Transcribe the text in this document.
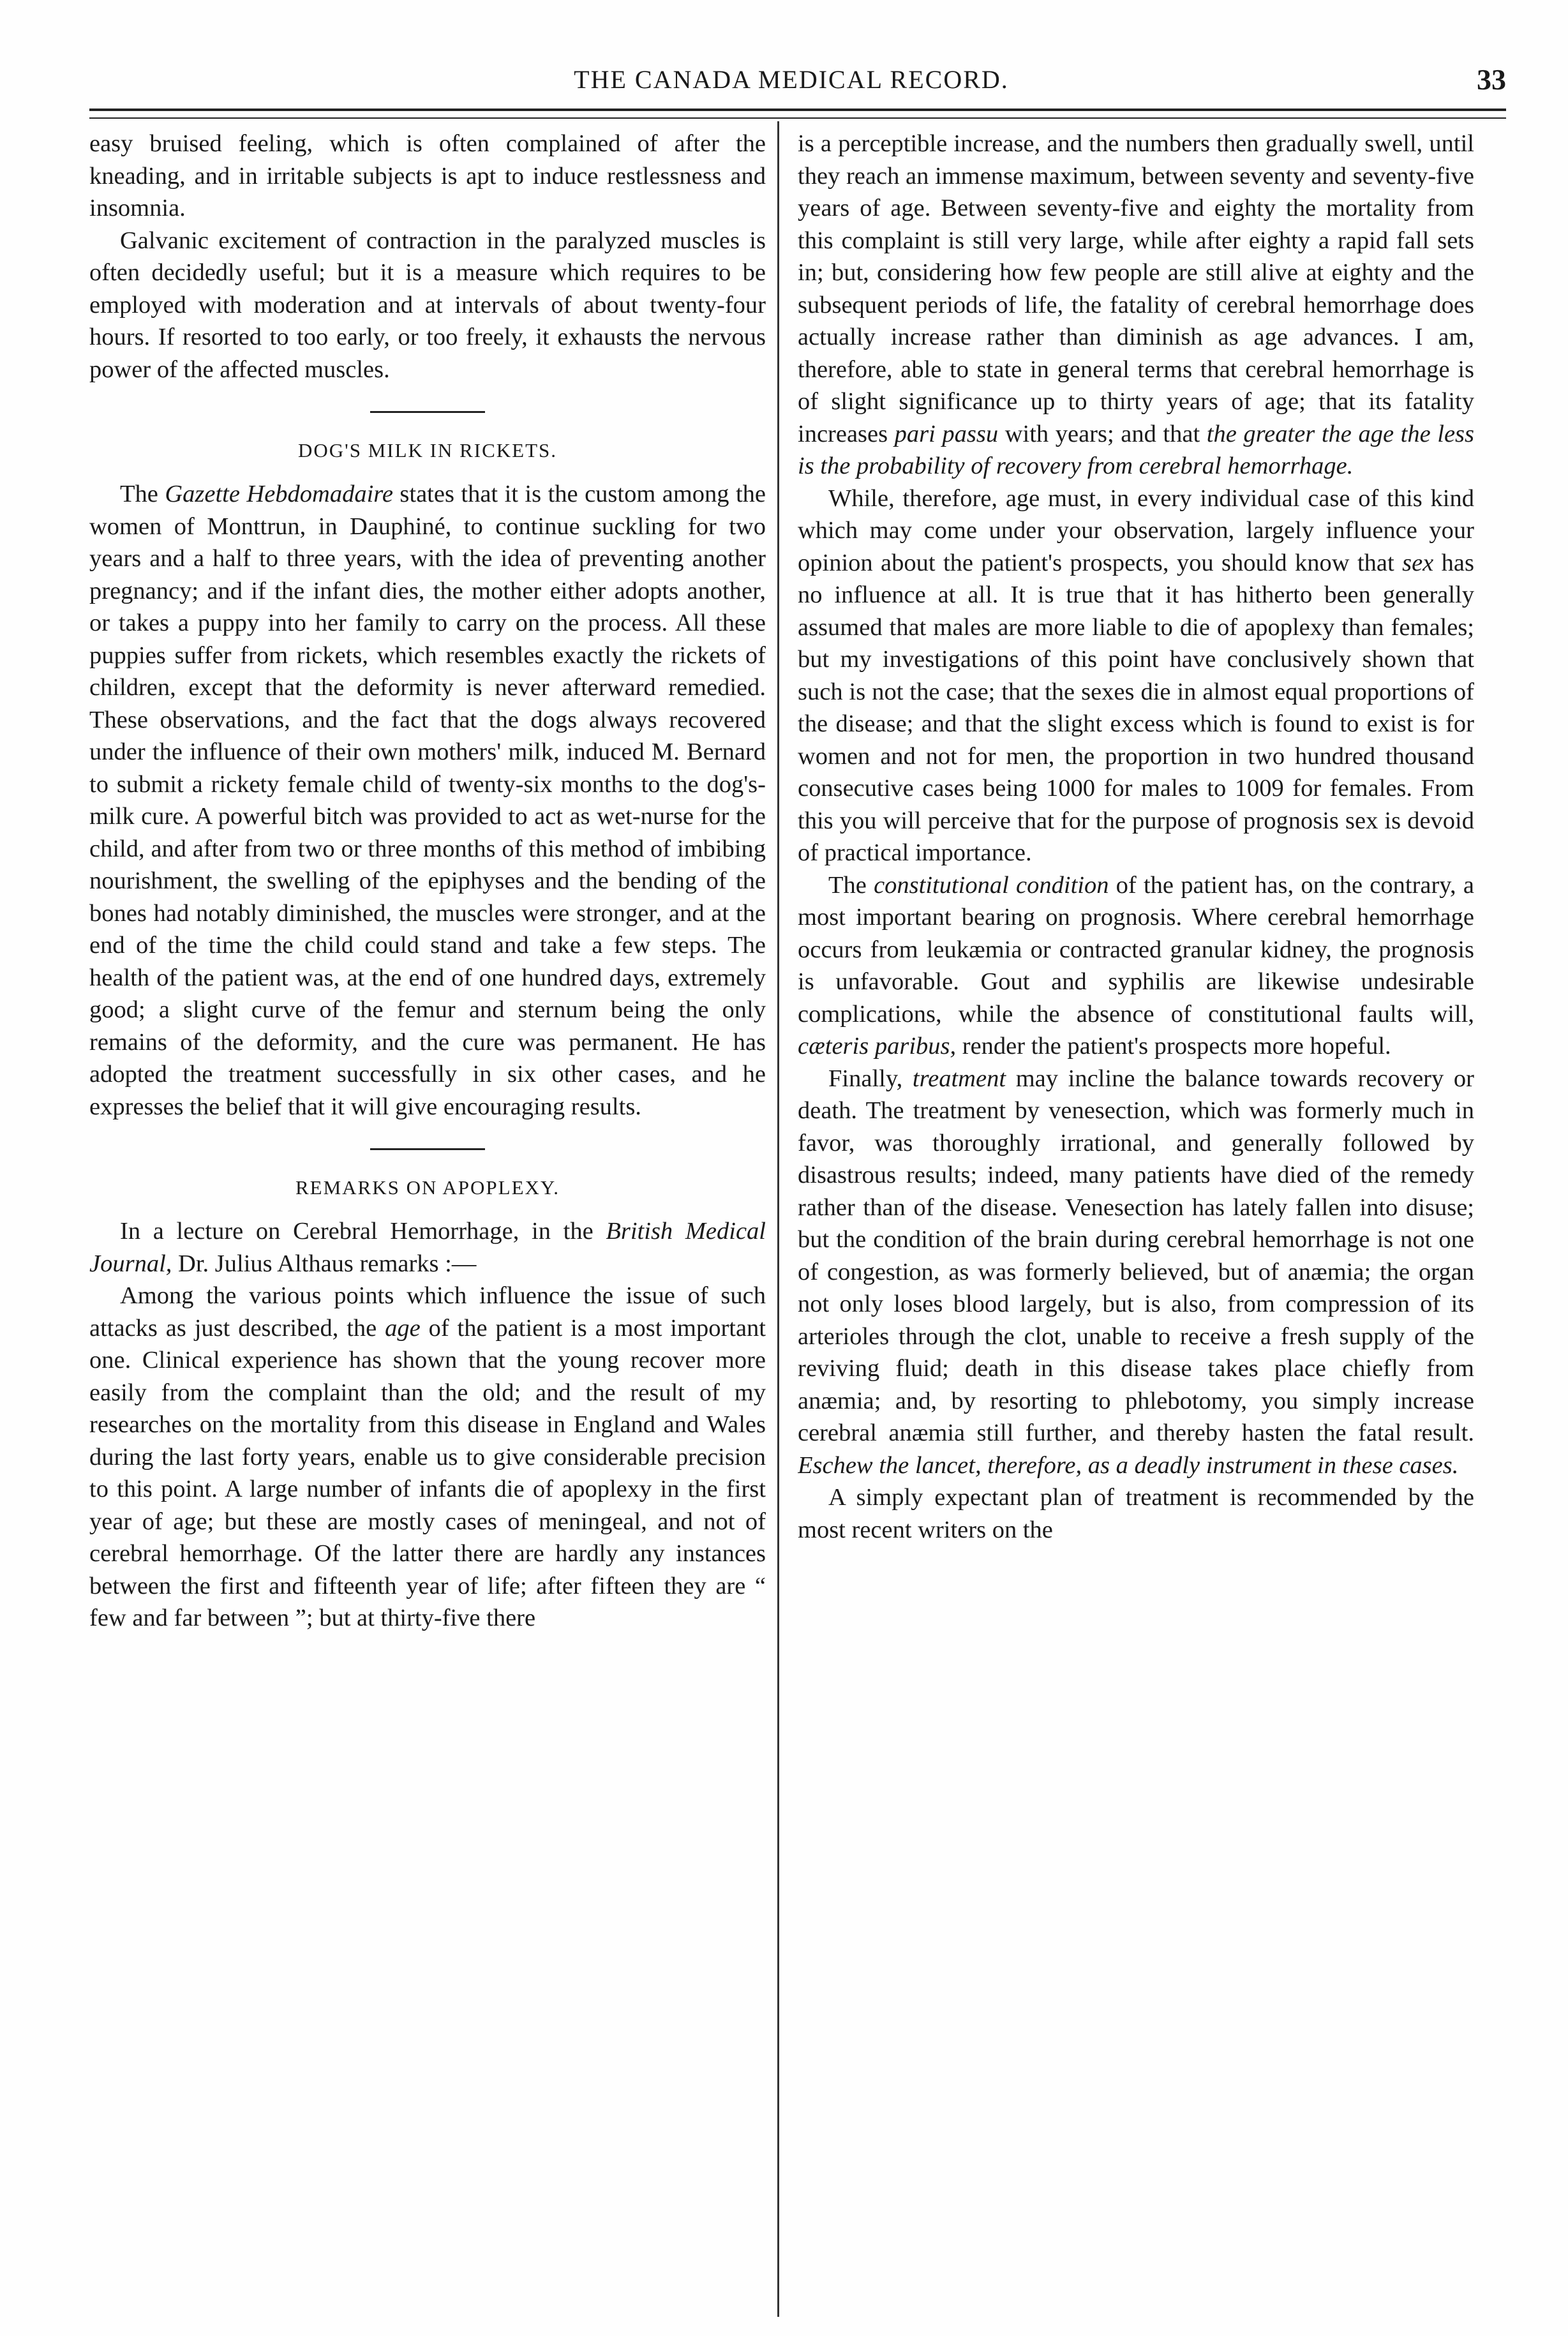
THE CANADA MEDICAL RECORD.	33

easy bruised feeling, which is often complained of after the kneading, and in irritable subjects is apt to induce restlessness and insomnia.

Galvanic excitement of contraction in the paralyzed muscles is often decidedly useful; but it is a measure which requires to be employed with moderation and at intervals of about twenty-four hours. If resorted to too early, or too freely, it exhausts the nervous power of the affected muscles.

DOG'S MILK IN RICKETS.

The Gazette Hebdomadaire states that it is the custom among the women of Monttrun, in Dauphiné, to continue suckling for two years and a half to three years, with the idea of preventing another pregnancy; and if the infant dies, the mother either adopts another, or takes a puppy into her family to carry on the process. All these puppies suffer from rickets, which resembles exactly the rickets of children, except that the deformity is never afterward remedied. These observations, and the fact that the dogs always recovered under the influence of their own mothers' milk, induced M. Bernard to submit a rickety female child of twenty-six months to the dog's-milk cure. A powerful bitch was provided to act as wet-nurse for the child, and after from two or three months of this method of imbibing nourishment, the swelling of the epiphyses and the bending of the bones had notably diminished, the muscles were stronger, and at the end of the time the child could stand and take a few steps. The health of the patient was, at the end of one hundred days, extremely good; a slight curve of the femur and sternum being the only remains of the deformity, and the cure was permanent. He has adopted the treatment successfully in six other cases, and he expresses the belief that it will give encouraging results.

REMARKS ON APOPLEXY.

In a lecture on Cerebral Hemorrhage, in the British Medical Journal, Dr. Julius Althaus remarks :—

Among the various points which influence the issue of such attacks as just described, the age of the patient is a most important one. Clinical experience has shown that the young recover more easily from the complaint than the old; and the result of my researches on the mortality from this disease in England and Wales during the last forty years, enable us to give considerable precision to this point. A large number of infants die of apoplexy in the first year of age; but these are mostly cases of meningeal, and not of cerebral hemorrhage. Of the latter there are hardly any instances between the first and fifteenth year of life; after fifteen they are “ few and far between ”; but at thirty-five there

is a perceptible increase, and the numbers then gradually swell, until they reach an immense maximum, between seventy and seventy-five years of age. Between seventy-five and eighty the mortality from this complaint is still very large, while after eighty a rapid fall sets in; but, considering how few people are still alive at eighty and the subsequent periods of life, the fatality of cerebral hemorrhage does actually increase rather than diminish as age advances. I am, therefore, able to state in general terms that cerebral hemorrhage is of slight significance up to thirty years of age; that its fatality increases pari passu with years; and that the greater the age the less is the probability of recovery from cerebral hemorrhage.

While, therefore, age must, in every individual case of this kind which may come under your observation, largely influence your opinion about the patient's prospects, you should know that sex has no influence at all. It is true that it has hitherto been generally assumed that males are more liable to die of apoplexy than females; but my investigations of this point have conclusively shown that such is not the case; that the sexes die in almost equal proportions of the disease; and that the slight excess which is found to exist is for women and not for men, the proportion in two hundred thousand consecutive cases being 1000 for males to 1009 for females. From this you will perceive that for the purpose of prognosis sex is devoid of practical importance.

The constitutional condition of the patient has, on the contrary, a most important bearing on prognosis. Where cerebral hemorrhage occurs from leukæmia or contracted granular kidney, the prognosis is unfavorable. Gout and syphilis are likewise undesirable complications, while the absence of constitutional faults will, cæteris paribus, render the patient's prospects more hopeful.

Finally, treatment may incline the balance towards recovery or death. The treatment by venesection, which was formerly much in favor, was thoroughly irrational, and generally followed by disastrous results; indeed, many patients have died of the remedy rather than of the disease. Venesection has lately fallen into disuse; but the condition of the brain during cerebral hemorrhage is not one of congestion, as was formerly believed, but of anæmia; the organ not only loses blood largely, but is also, from compression of its arterioles through the clot, unable to receive a fresh supply of the reviving fluid; death in this disease takes place chiefly from anæmia; and, by resorting to phlebotomy, you simply increase cerebral anæmia still further, and thereby hasten the fatal result. Eschew the lancet, therefore, as a deadly instrument in these cases.

A simply expectant plan of treatment is recommended by the most recent writers on the
